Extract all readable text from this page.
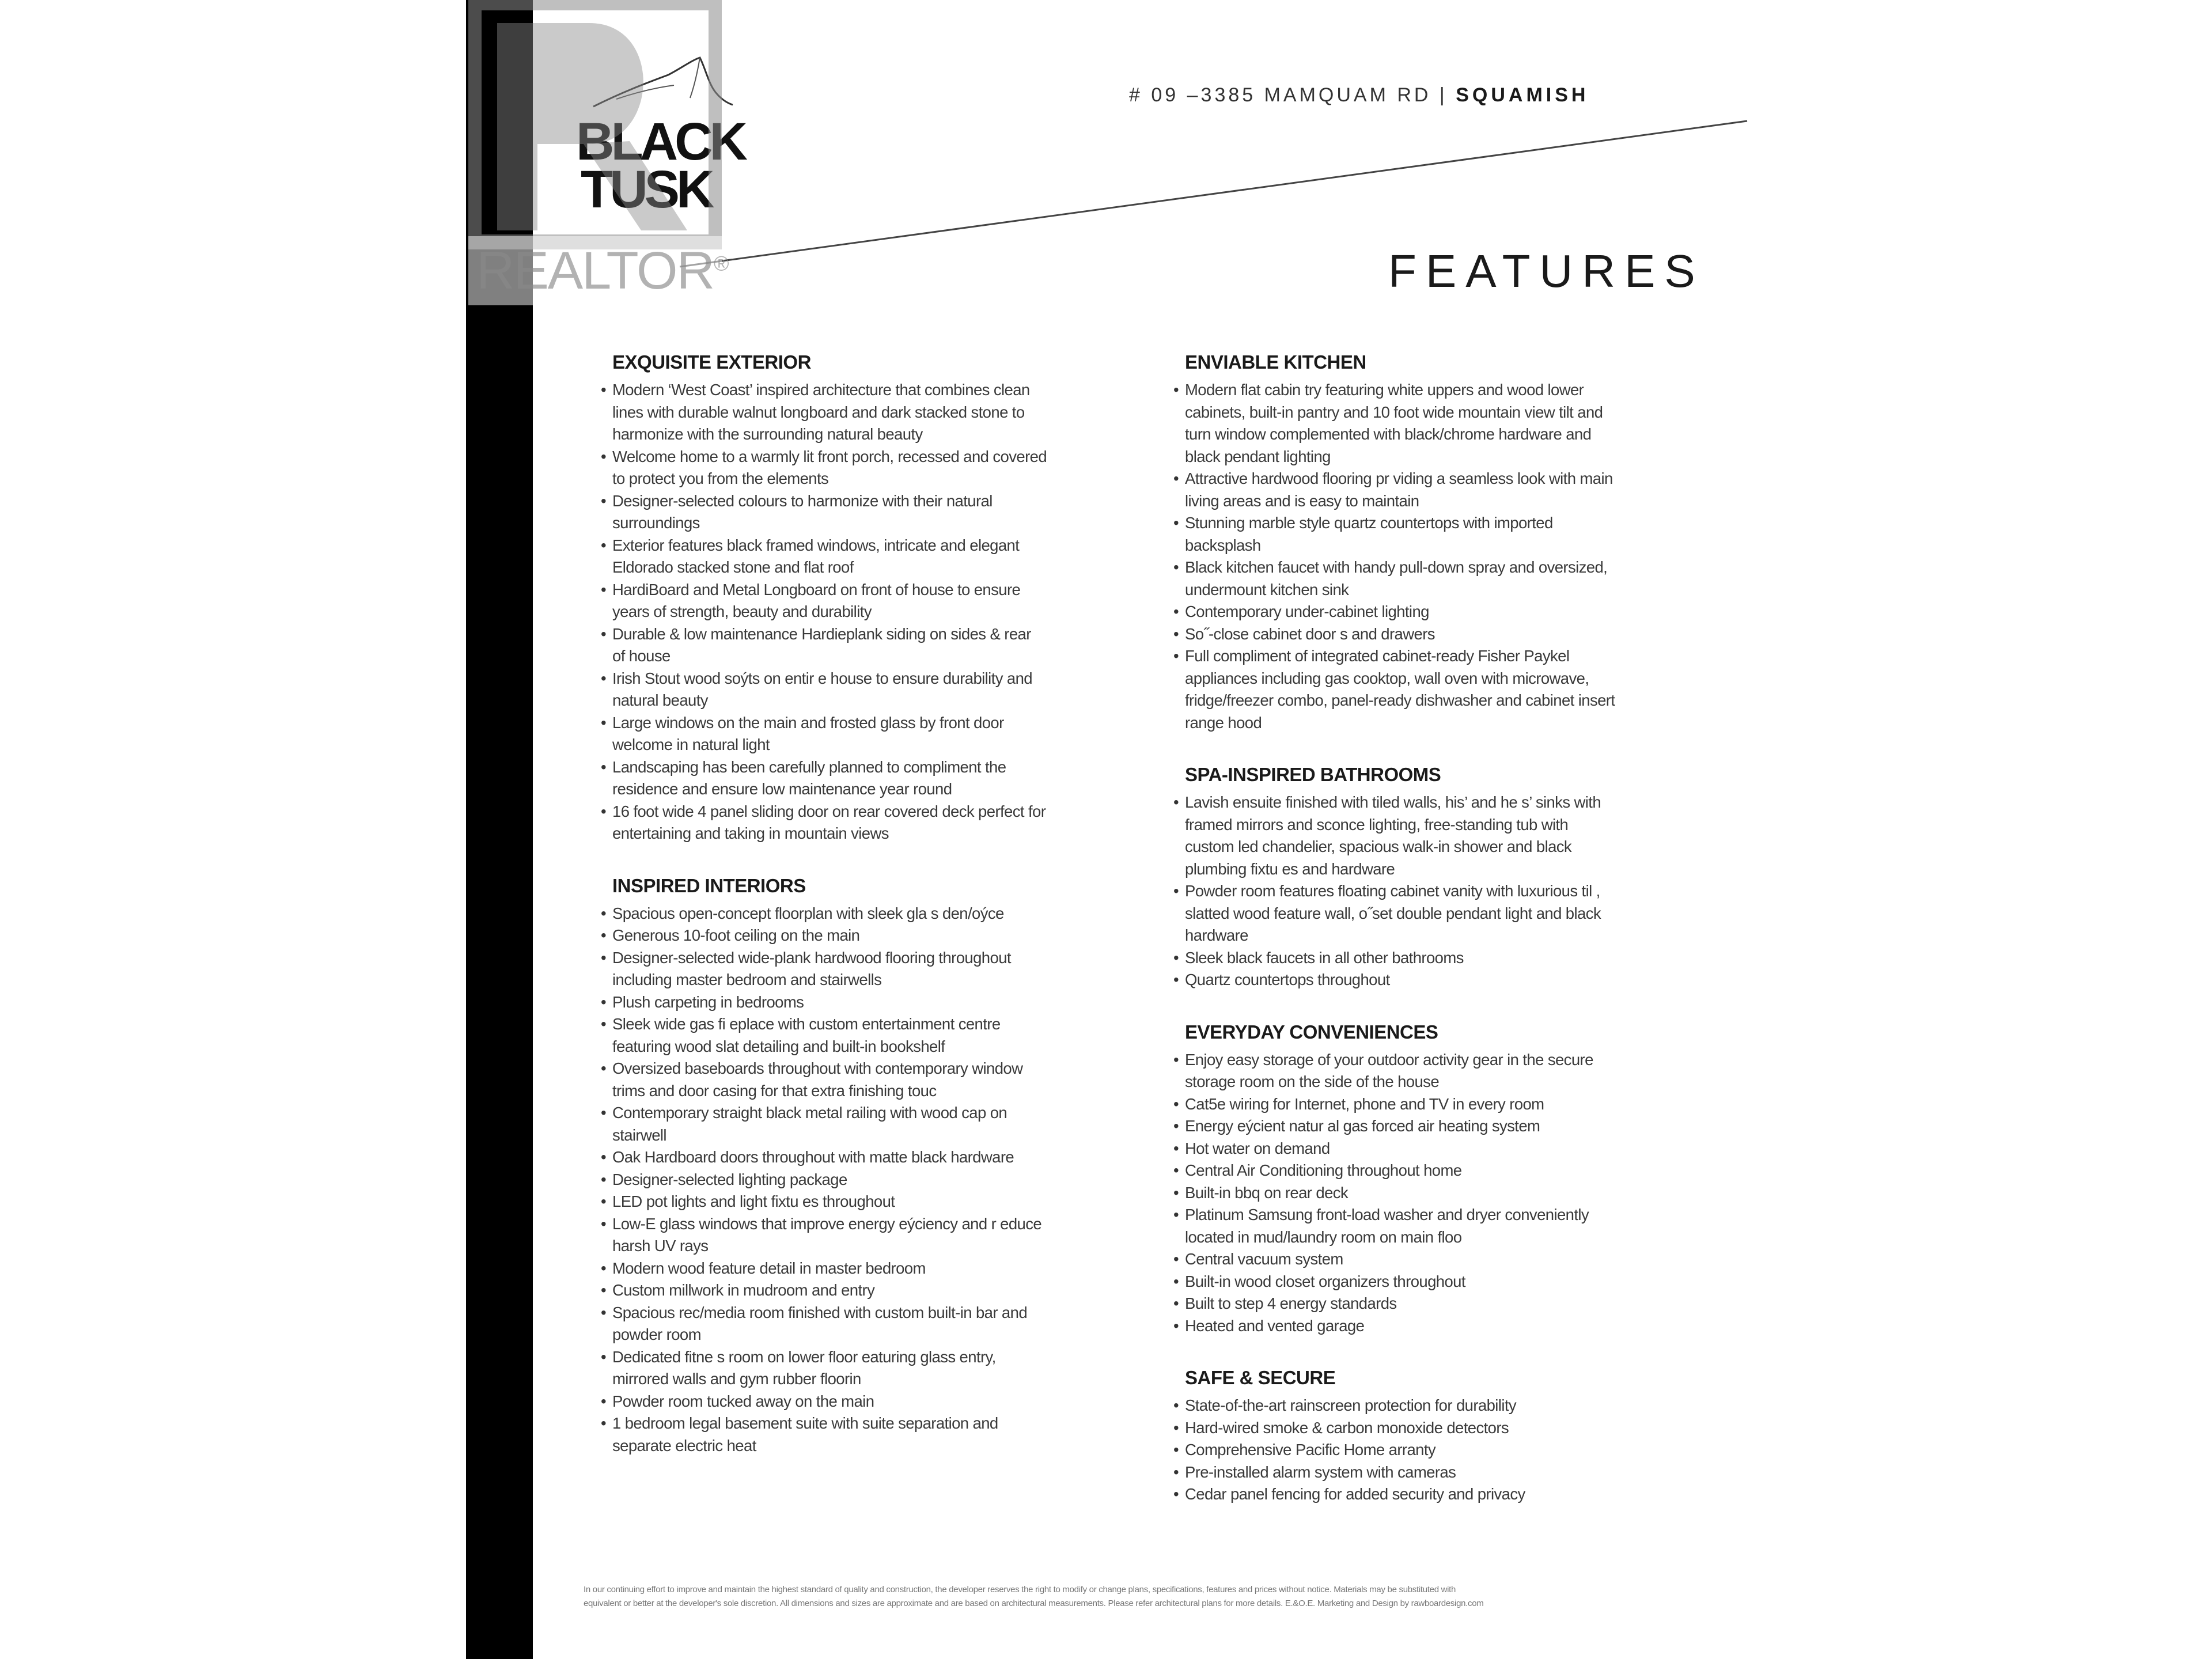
BLACK
TUSK
REALTOR®
# 09 –3385 MAMQUAM RD | SQUAMISH
FEATURES
EXQUISITE EXTERIOR
• Modern ‘West Coast’ inspired architecture that combines clean
lines with durable walnut longboard and dark stacked stone to
harmonize with the surrounding natural beauty
• Welcome home to a warmly lit front porch, recessed and covered
to protect you from the elements
• Designer-selected colours to harmonize with their natural
surroundings
• Exterior features black framed windows, intricate and elegant
Eldorado stacked stone and flat roof
• HardiBoard and Metal Longboard on front of house to ensure
years of strength, beauty and durability
• Durable & low maintenance Hardieplank siding on sides & rear
of house
• Irish Stout wood soýts on entir e house to ensure durability and
natural beauty
• Large windows on the main and frosted glass by front door
welcome in natural light
• Landscaping has been carefully planned to compliment the
residence and ensure low maintenance year round
• 16 foot wide 4 panel sliding door on rear covered deck perfect for
entertaining and taking in mountain views
INSPIRED INTERIORS
• Spacious open-concept floorplan with sleek gla s den/oýce
• Generous 10-foot ceiling on the main
• Designer-selected wide-plank hardwood flooring throughout
including master bedroom and stairwells
• Plush carpeting in bedrooms
• Sleek wide gas fi eplace with custom entertainment centre
featuring wood slat detailing and built-in bookshelf
• Oversized baseboards throughout with contemporary window
trims and door casing for that extra finishing touc
• Contemporary straight black metal railing with wood cap on
stairwell
• Oak Hardboard doors throughout with matte black hardware
• Designer-selected lighting package
• LED pot lights and light fixtu es throughout
• Low-E glass windows that improve energy eýciency and r educe
harsh UV rays
• Modern wood feature detail in master bedroom
• Custom millwork in mudroom and entry
• Spacious rec/media room finished with custom built-in bar and
powder room
• Dedicated fitne s room on lower floor eaturing glass entry,
mirrored walls and gym rubber floorin
• Powder room tucked away on the main
• 1 bedroom legal basement suite with suite separation and
separate electric heat
ENVIABLE KITCHEN
• Modern flat cabin try featuring white uppers and wood lower
cabinets, built-in pantry and 10 foot wide mountain view tilt and
turn window complemented with black/chrome hardware and
black pendant lighting
• Attractive hardwood flooring pr viding a seamless look with main
living areas and is easy to maintain
• Stunning marble style quartz countertops with imported
backsplash
• Black kitchen faucet with handy pull-down spray and oversized,
undermount kitchen sink
• Contemporary under-cabinet lighting
• So˝-close cabinet door s and drawers
• Full compliment of integrated cabinet-ready Fisher Paykel
appliances including gas cooktop, wall oven with microwave,
fridge/freezer combo, panel-ready dishwasher and cabinet insert
range hood
SPA-INSPIRED BATHROOMS
• Lavish ensuite finished with tiled walls, his’ and he s’ sinks with
framed mirrors and sconce lighting, free-standing tub with
custom led chandelier, spacious walk-in shower and black
plumbing fixtu es and hardware
• Powder room features floating cabinet vanity with luxurious til ,
slatted wood feature wall, o˝set double pendant light and black
hardware
• Sleek black faucets in all other bathrooms
• Quartz countertops throughout
EVERYDAY CONVENIENCES
• Enjoy easy storage of your outdoor activity gear in the secure
storage room on the side of the house
• Cat5e wiring for Internet, phone and TV in every room
• Energy eýcient natur al gas forced air heating system
• Hot water on demand
• Central Air Conditioning throughout home
• Built-in bbq on rear deck
• Platinum Samsung front-load washer and dryer conveniently
located in mud/laundry room on main floo
• Central vacuum system
• Built-in wood closet organizers throughout
• Built to step 4 energy standards
• Heated and vented garage
SAFE & SECURE
• State-of-the-art rainscreen protection for durability
• Hard-wired smoke & carbon monoxide detectors
• Comprehensive Pacific Home arranty
• Pre-installed alarm system with cameras
• Cedar panel fencing for added security and privacy
In our continuing effort to improve and maintain the highest standard of quality and construction, the developer reserves the right to modify or change plans, specifications, features and prices without notice. Materials may be substituted with
equivalent or better at the developer's sole discretion. All dimensions and sizes are approximate and are based on architectural measurements. Please refer architectural plans for more details. E.&O.E. Marketing and Design by rawboardesign.com
